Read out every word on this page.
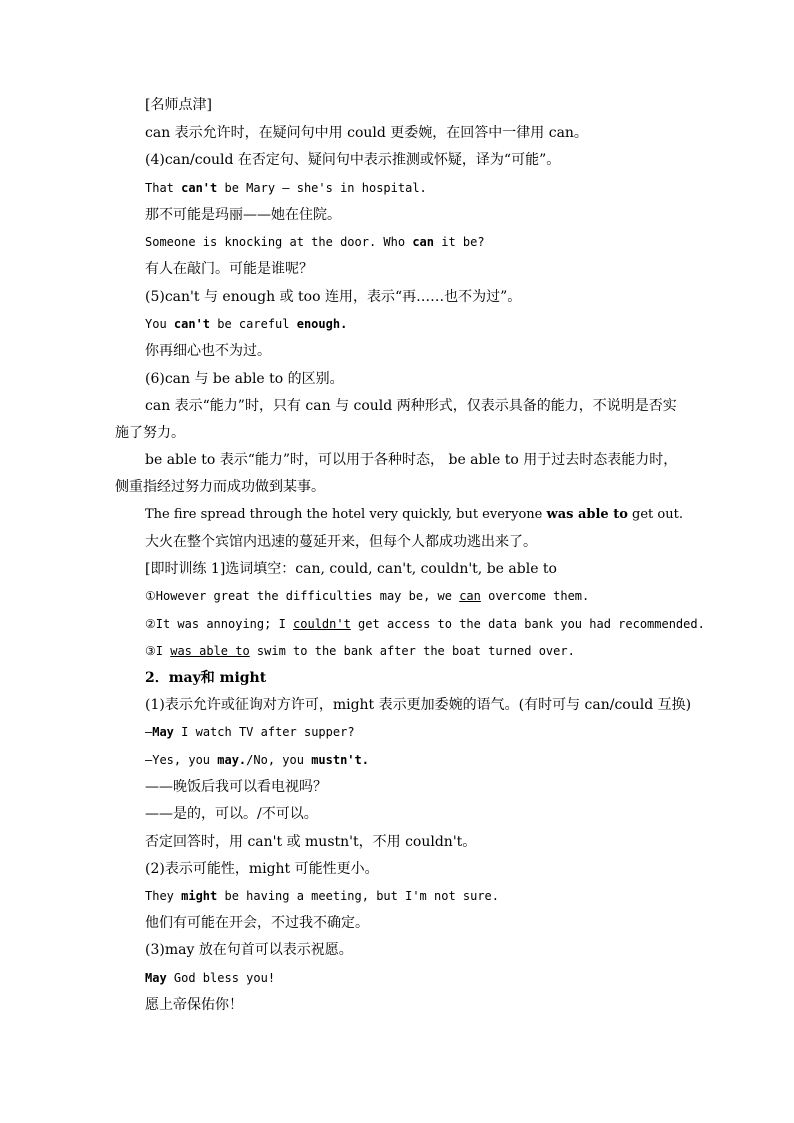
[名师点津]
can 表示允许时，在疑问句中用 could 更委婉，在回答中一律用 can。
(4)can/could 在否定句、疑问句中表示推测或怀疑，译为“可能”。
That can't be Mary — she's in hospital.
那不可能是玛丽——她在住院。
Someone is knocking at the door. Who can it be?
有人在敲门。可能是谁呢？
(5)can't 与 enough 或 too 连用，表示“再……也不为过”。
You can't be careful enough.
你再细心也不为过。
(6)can 与 be able to 的区别。
can 表示“能力”时，只有 can 与 could 两种形式，仅表示具备的能力，不说明是否实
施了努力。
be able to 表示“能力”时，可以用于各种时态， be able to 用于过去时态表能力时，
侧重指经过努力而成功做到某事。
The fire spread through the hotel very quickly, but everyone was able to get out.
大火在整个宾馆内迅速的蔓延开来，但每个人都成功逃出来了。
[即时训练 1]选词填空：can, could, can't, couldn't, be able to
①However great the difficulties may be, we can overcome them.
②It was annoying; I couldn't get access to the data bank you had recommended.
③I was able to swim to the bank after the boat turned over.
2．may和 might
(1)表示允许或征询对方许可，might 表示更加委婉的语气。(有时可与 can/could 互换)
—May I watch TV after supper?
—Yes, you may./No, you mustn't.
——晚饭后我可以看电视吗？
——是的，可以。/不可以。
否定回答时，用 can't 或 mustn't，不用 couldn't。
(2)表示可能性，might 可能性更小。
They might be having a meeting, but I'm not sure.
他们有可能在开会，不过我不确定。
(3)may 放在句首可以表示祝愿。
May God bless you!
愿上帝保佑你！
